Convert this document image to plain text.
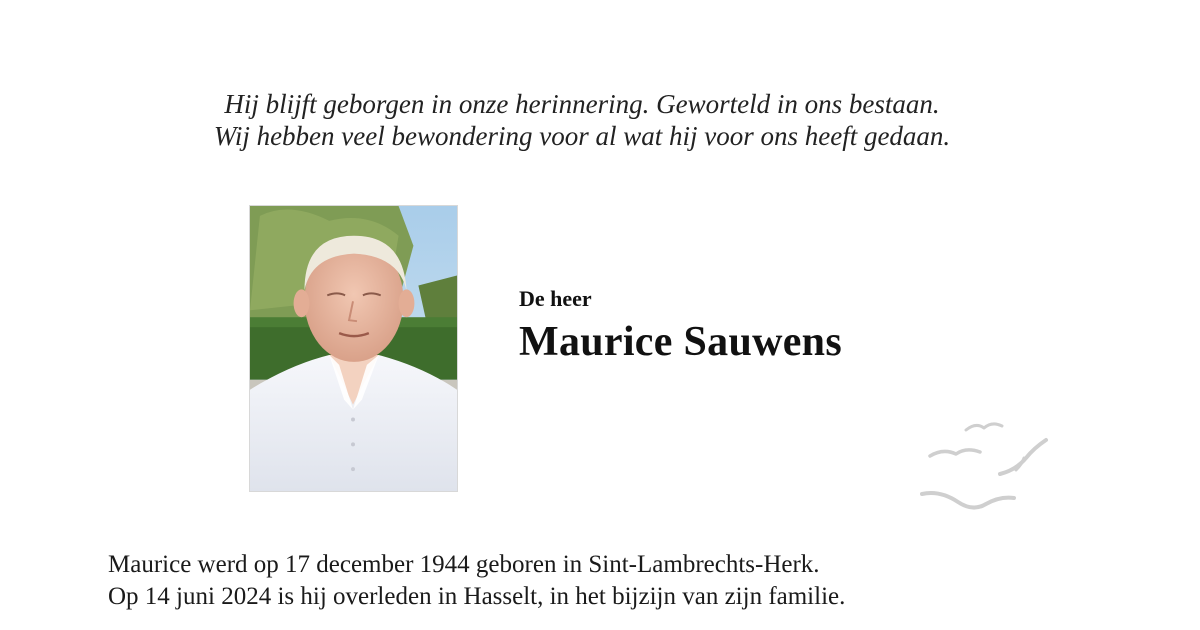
Hij blijft geborgen in onze herinnering. Geworteld in ons bestaan.
Wij hebben veel bewondering voor al wat hij voor ons heeft gedaan.
De heer
Maurice Sauwens
Maurice werd op 17 december 1944 geboren in Sint-Lambrechts-Herk.
Op 14 juni 2024 is hij overleden in Hasselt, in het bijzijn van zijn familie.
